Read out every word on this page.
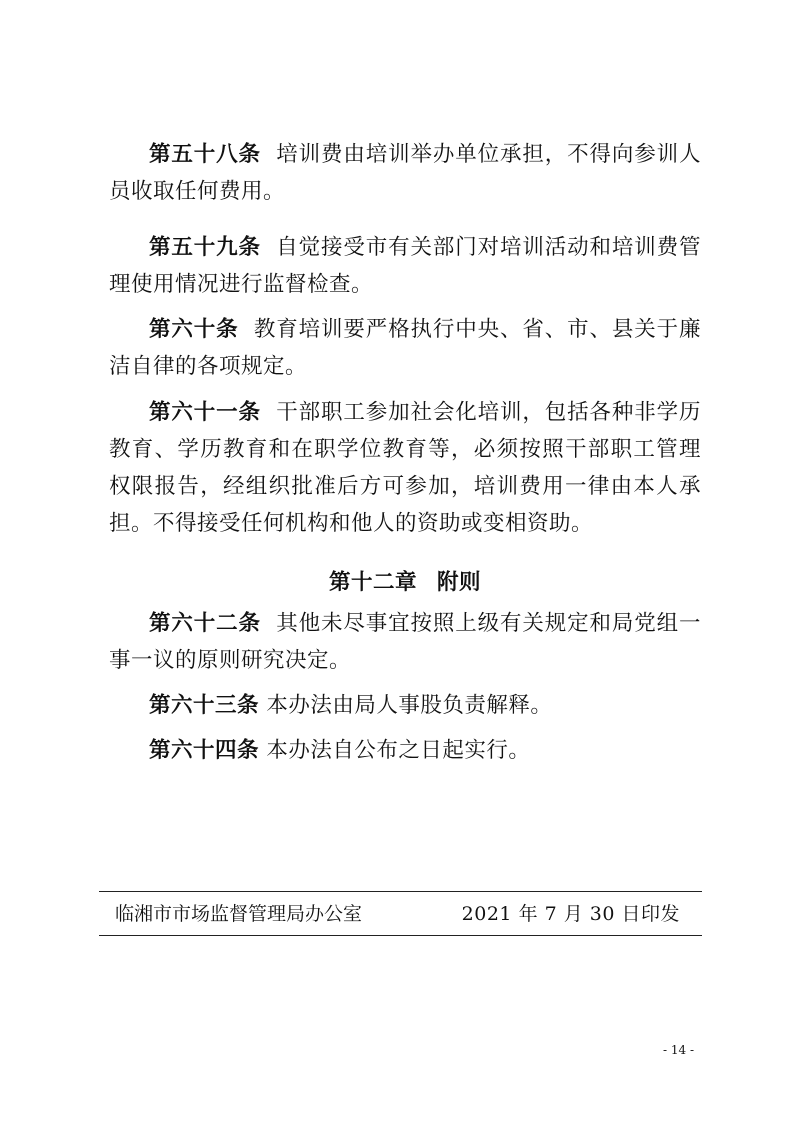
第五十八条 培训费由培训举办单位承担，不得向参训人员收取任何费用。

第五十九条 自觉接受市有关部门对培训活动和培训费管理使用情况进行监督检查。

第六十条 教育培训要严格执行中央、省、市、县关于廉洁自律的各项规定。

第六十一条 干部职工参加社会化培训，包括各种非学历教育、学历教育和在职学位教育等，必须按照干部职工管理权限报告，经组织批准后方可参加，培训费用一律由本人承担。不得接受任何机构和他人的资助或变相资助。

第十二章 附则

第六十二条 其他未尽事宜按照上级有关规定和局党组一事一议的原则研究决定。

第六十三条 本办法由局人事股负责解释。

第六十四条 本办法自公布之日起实行。

临湘市市场监督管理局办公室	2021 年 7 月 30 日印发
- 14 -
